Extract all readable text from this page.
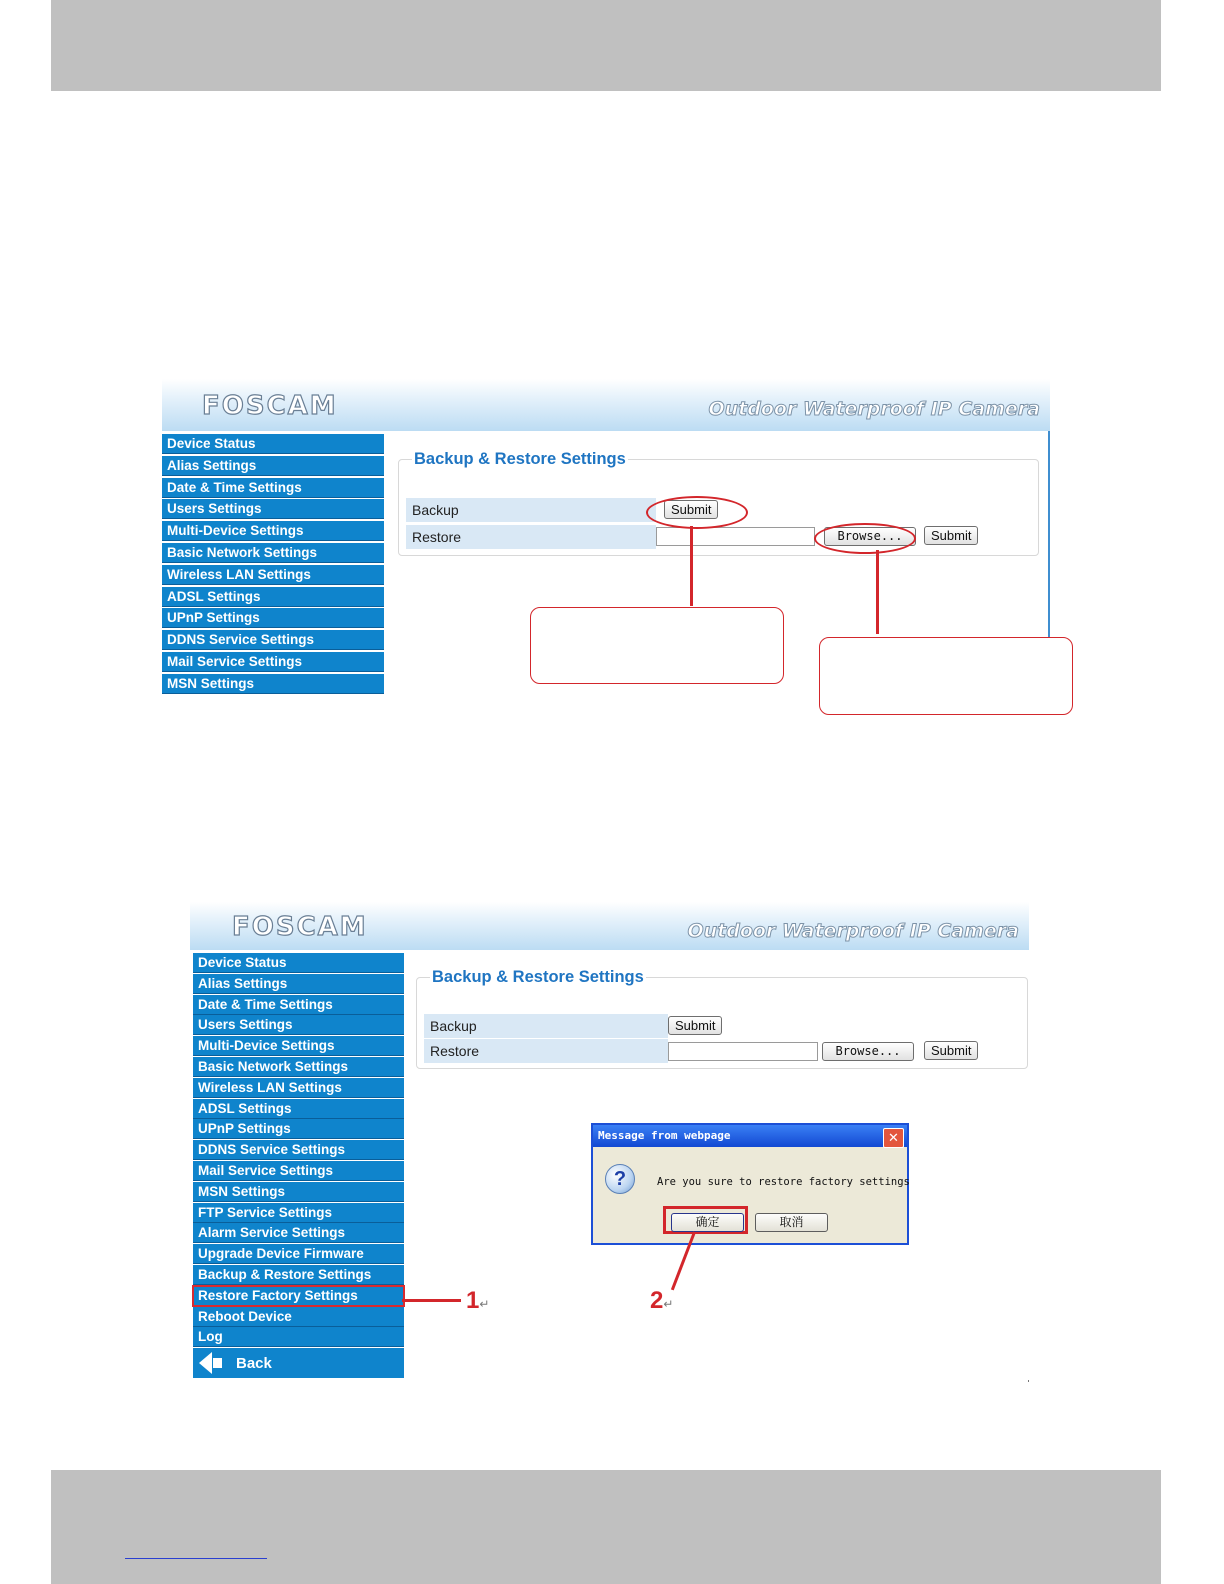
FOSCAM	Outdoor Waterproof IP Camera
Device Status
Alias Settings
Date & Time Settings
Users Settings
Multi-Device Settings
Basic Network Settings
Wireless LAN Settings
ADSL Settings
UPnP Settings
DDNS Service Settings
Mail Service Settings
MSN Settings
Backup & Restore Settings
Backup	Submit
Restore	Browse...	Submit
FOSCAM	Outdoor Waterproof IP Camera
Device Status
Alias Settings
Date & Time Settings
Users Settings
Multi-Device Settings
Basic Network Settings
Wireless LAN Settings
ADSL Settings
UPnP Settings
DDNS Service Settings
Mail Service Settings
MSN Settings
FTP Service Settings
Alarm Service Settings
Upgrade Device Firmware
Backup & Restore Settings
Restore Factory Settings
Reboot Device
Log
Back
Backup & Restore Settings
Backup	Submit
Restore	Browse...	Submit
Message from webpage	✕
?	Are you sure to restore factory settings
确定	取消
1↵	2↵
